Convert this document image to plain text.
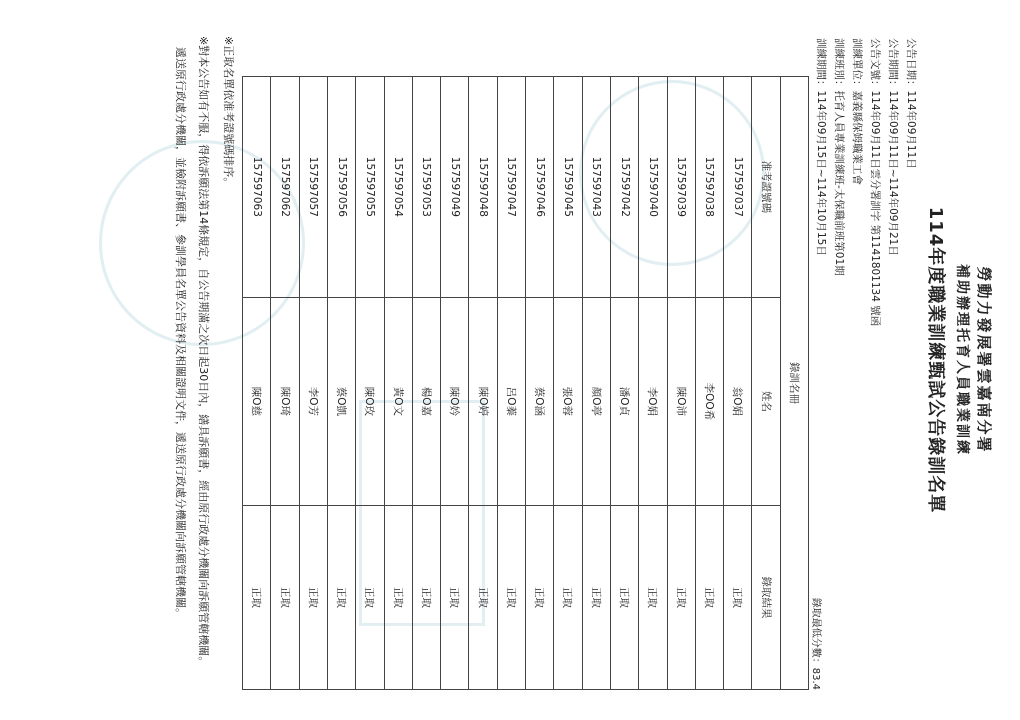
勞動力發展署雲嘉南分署
補助辦理托育人員職業訓練
114年度職業訓練甄試公告錄訓名單
公告日期：114年09月11日
公告期間：114年09月11日~114年09月21日
公告文號：114年09月11日雲分署訓字 第1141801134 號函
訓練單位：嘉義縣保姆職業工會
訓練班別：托育人員專業訓練班-太保職前班第01期
訓練期間：114年09月15日~114年10月15日
錄取最低分數：83.4
錄訓名冊		
准考證號碼	姓名	錄取結果
157597037	翁O娟	正取
157597038	李OO希	正取
157597039	陳O沛	正取
157597040	李O娟	正取
157597042	潘O貞	正取
157597043	顏O葶	正取
157597045	張O蓉	正取
157597046	蔡O涵	正取
157597047	呂O蓁	正取
157597048	陳O婷	正取
157597049	陳O妗	正取
157597053	楊O嘉	正取
157597054	黃O文	正取
157597055	陳O玫	正取
157597056	蔡O凱	正取
157597057	李O芳	正取
157597062	陳O琦	正取
157597063	陳O慈	正取
※正取名單依准考證號碼排序。
※對本公告如有不服，得依訴願法第14條規定，自公告期滿之次日起30日內，繕具訴願書，經由原行政處分機關向訴願管轄機關。
　遞送原行政處分機關，並檢附訴願書、參訓學員名單公告資料及相關證明文件，遞送原行政處分機關向訴願管轄機關。
